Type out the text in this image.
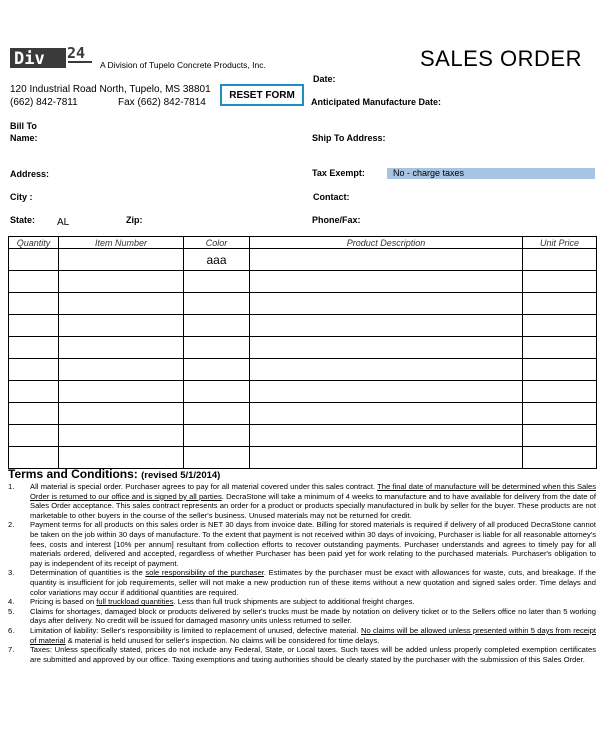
Div 24
A Division of Tupelo Concrete Products, Inc.	SALES ORDER
120 Industrial Road North, Tupelo, MS 38801
(662) 842-7811	Fax (662) 842-7814
RESET FORM
Date:
Anticipated Manufacture Date:
Bill To
Name:	Ship To Address:
Address:	Tax Exempt:	No - charge taxes
City :	Contact:
State: AL	Zip:	Phone/Fax:
Quantity	Item Number	Color	Product Description	Unit Price
		aaa		

Terms and Conditions: (revised 5/1/2014)
1.	All material is special order. Purchaser agrees to pay for all material covered under this sales contract. The final date of manufacture will be determined when this Sales Order is returned to our office and is signed by all parties. DecraStone will take a minimum of 4 weeks to manufacture and to have available for delivery from the date of Sales Order acceptance. This sales contract represents an order for a product or products specially manufactured in bulk by seller for the buyer. These products are not marketable to other buyers in the course of the seller's business. Unused materials may not be returned for credit.
2.	Payment terms for all products on this sales order is NET 30 days from invoice date. Billing for stored materials is required if delivery of all produced DecraStone cannot be taken on the job within 30 days of manufacture. To the extent that payment is not received within 30 days of invoicing, Purchaser is liable for all reasonable attorney's fees, costs and interest [10% per annum] resultant from collection efforts to recover outstanding payments. Purchaser understands and agrees to timely pay for all materials ordered, delivered and accepted, regardless of whether Purchaser has been paid yet for work relating to the purchased materials. Purchaser's obligation to pay is independent of its receipt of payment.
3.	Determination of quantities is the sole responsibility of the purchaser. Estimates by the purchaser must be exact with allowances for waste, cuts, and breakage. If the quantity is insufficient for job requirements, seller will not make a new production run of these items without a new quotation and signed sales order. Time delays and color variations may occur if additional quantities are required.
4.	Pricing is based on full truckload quantities. Less than full truck shipments are subject to additional freight charges.
5.	Claims for shortages, damaged block or products delivered by seller's trucks must be made by notation on delivery ticket or to the Sellers office no later than 5 working days after delivery. No credit will be issued for damaged masonry units unless returned to seller.
6.	Limitation of liability: Seller's responsibility is limited to replacement of unused, defective material. No claims will be allowed unless presented within 5 days from receipt of material & material is held unused for seller's inspection. No claims will be considered for time delays.
7.	Taxes: Unless specifically stated, prices do not include any Federal, State, or Local taxes. Such taxes will be added unless properly completed exemption certificates are submitted and approved by our office. Taxing exemptions and taxing authorities should be clearly stated by the purchaser with the submission of this Sales Order.
